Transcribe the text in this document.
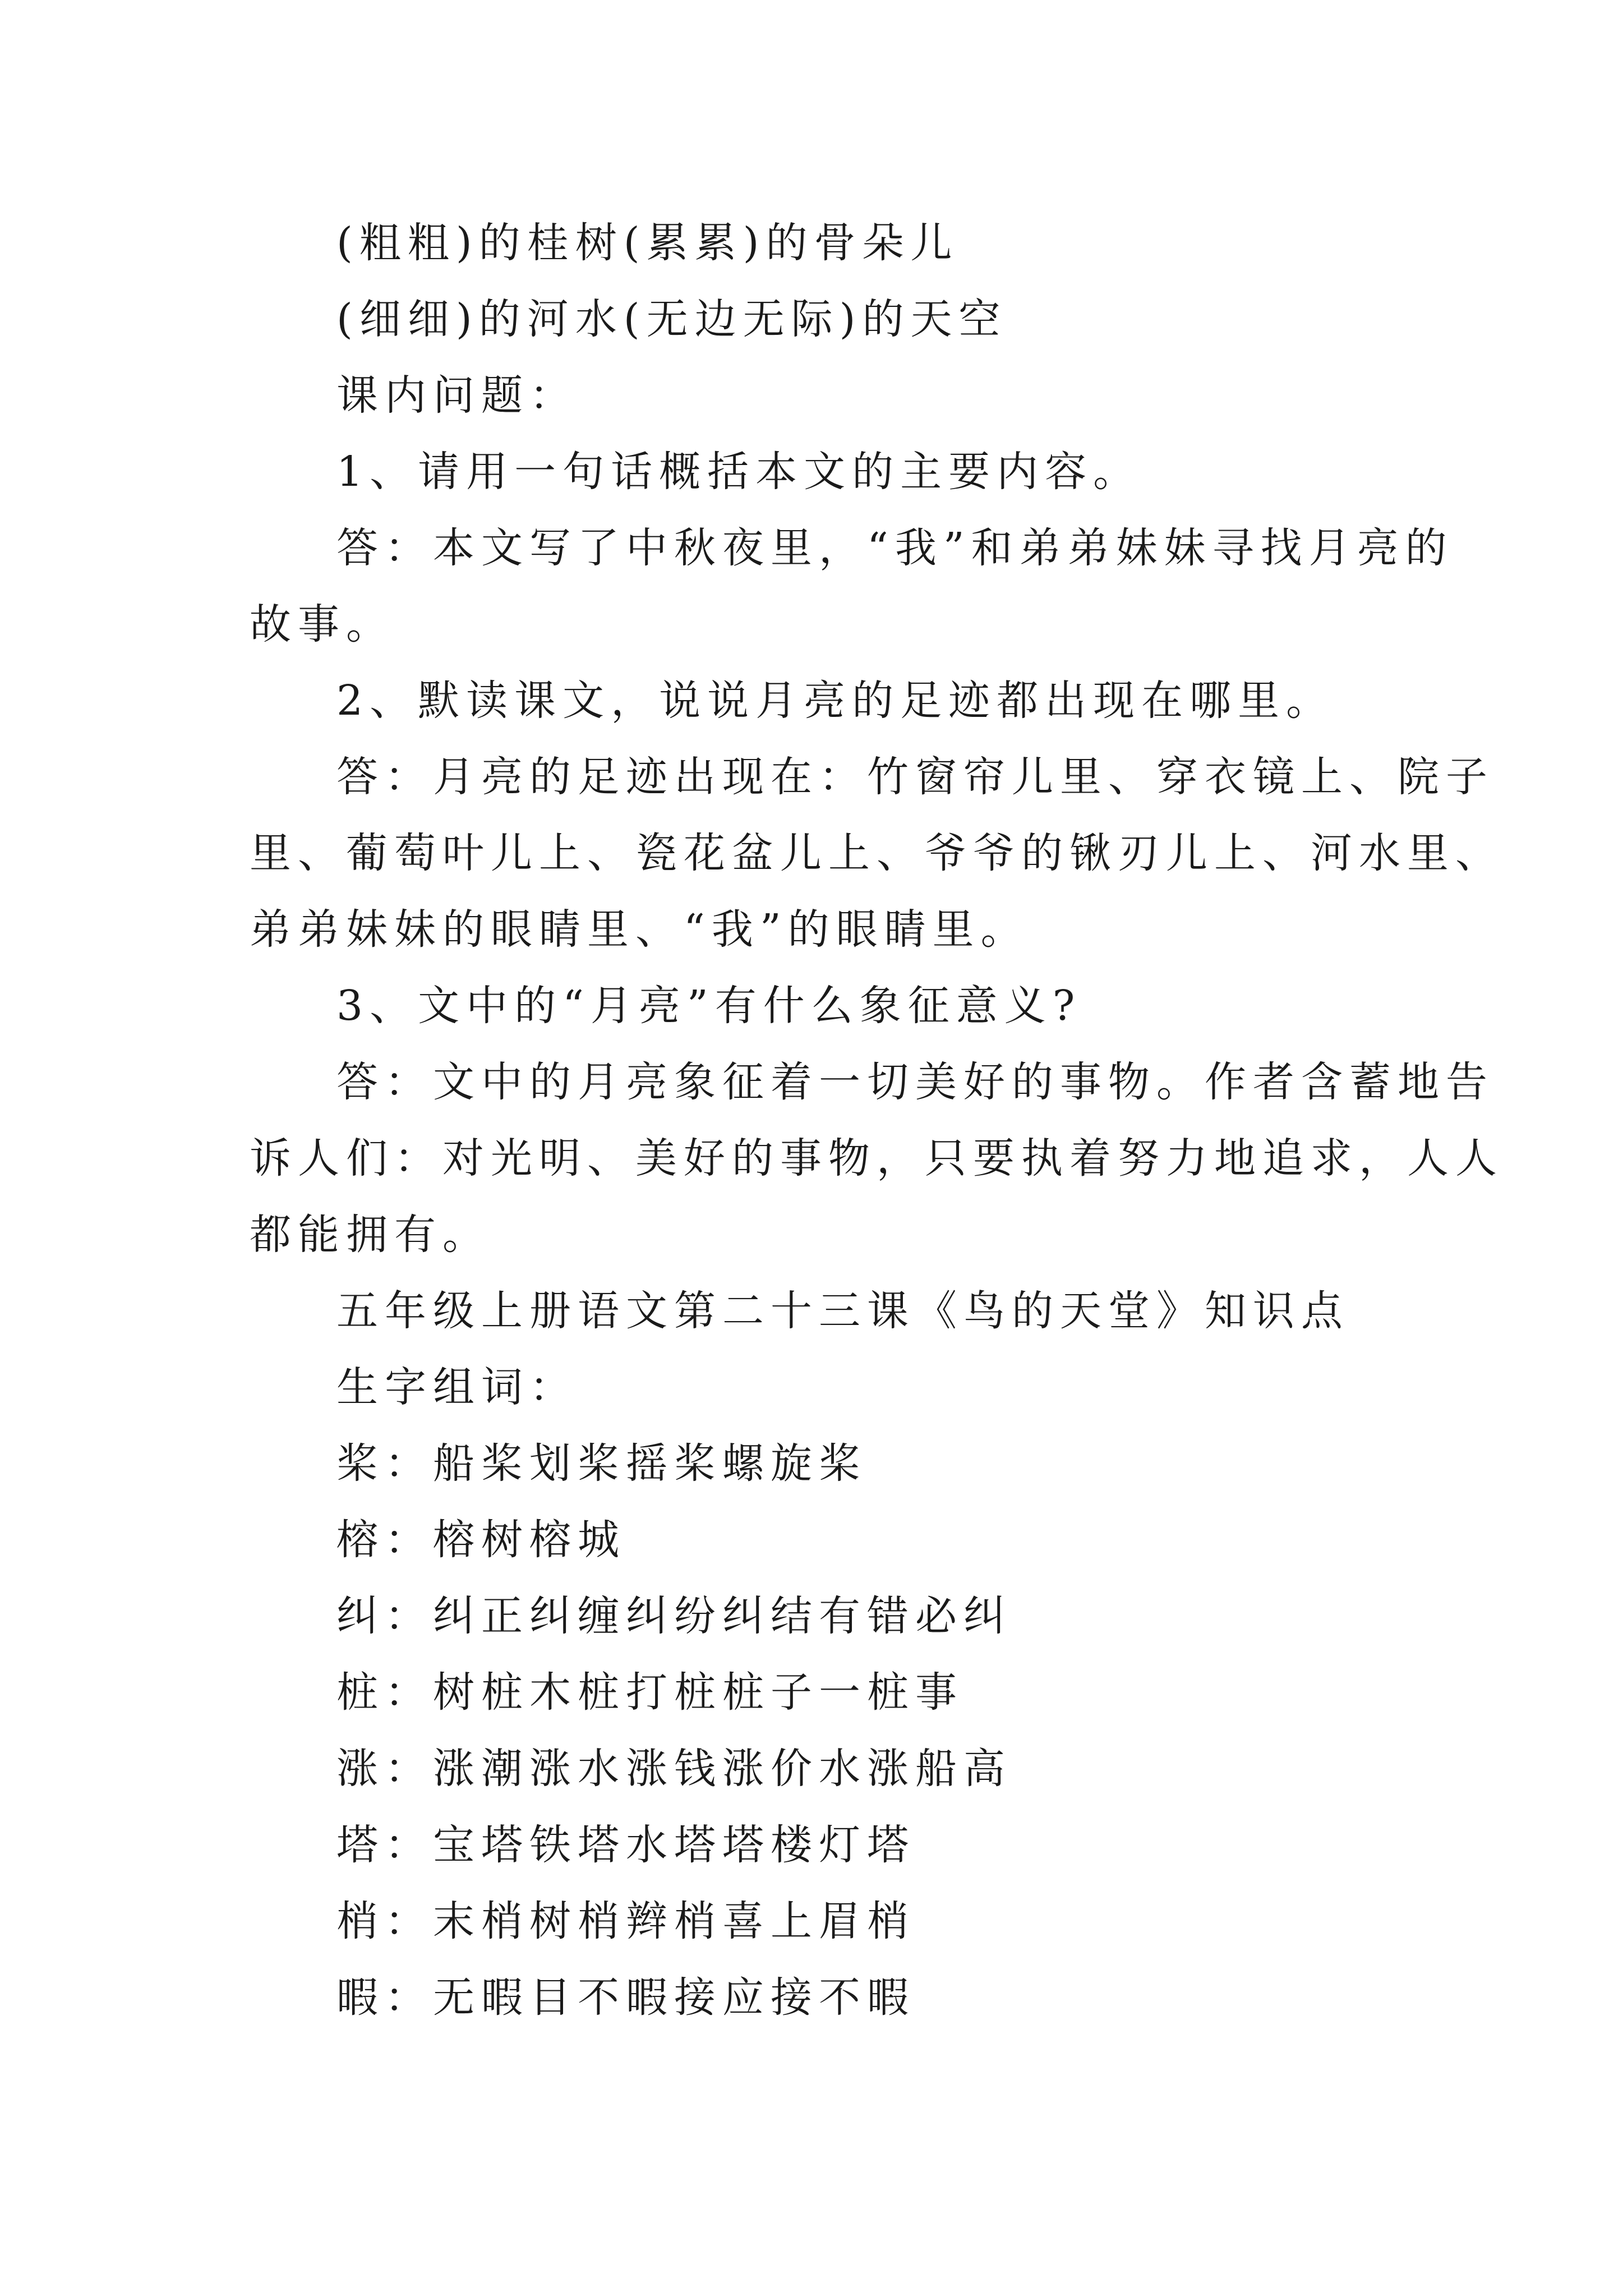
(粗粗)的桂树(累累)的骨朵儿
(细细)的河水(无边无际)的天空
课内问题：
1、请用一句话概括本文的主要内容。
答：本文写了中秋夜里，“我”和弟弟妹妹寻找月亮的
故事。
2、默读课文，说说月亮的足迹都出现在哪里。
答：月亮的足迹出现在：竹窗帘儿里、穿衣镜上、院子
里、葡萄叶儿上、瓷花盆儿上、爷爷的锹刃儿上、河水里、
弟弟妹妹的眼睛里、“我”的眼睛里。
3、文中的“月亮”有什么象征意义?
答：文中的月亮象征着一切美好的事物。作者含蓄地告
诉人们：对光明、美好的事物，只要执着努力地追求，人人
都能拥有。
五年级上册语文第二十三课《鸟的天堂》知识点
生字组词：
桨：船桨划桨摇桨螺旋桨
榕：榕树榕城
纠：纠正纠缠纠纷纠结有错必纠
桩：树桩木桩打桩桩子一桩事
涨：涨潮涨水涨钱涨价水涨船高
塔：宝塔铁塔水塔塔楼灯塔
梢：末梢树梢辫梢喜上眉梢
暇：无暇目不暇接应接不暇
